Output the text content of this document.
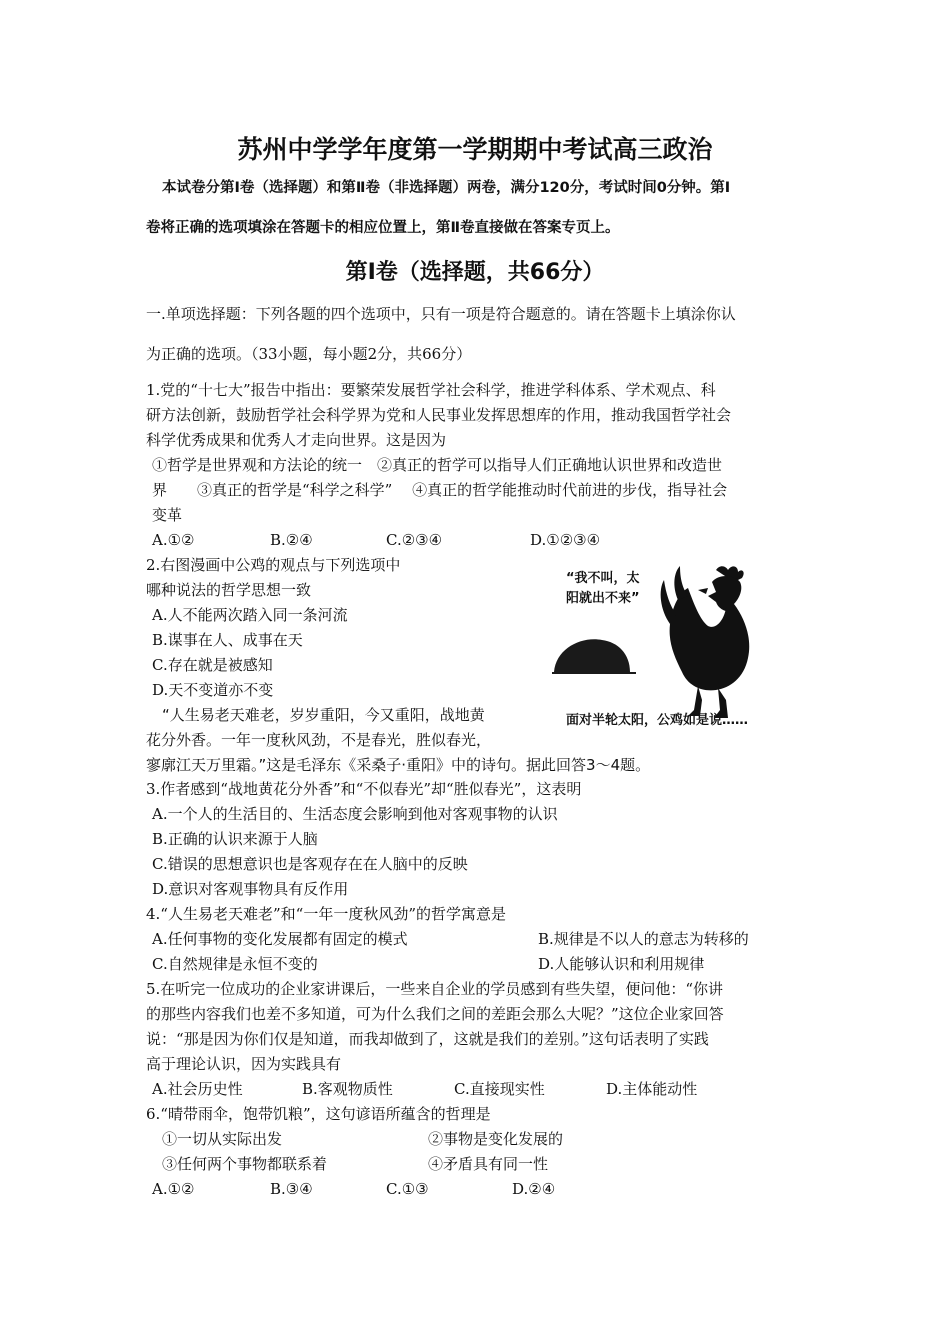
苏州中学学年度第一学期期中考试高三政治
本试卷分第Ⅰ卷（选择题）和第Ⅱ卷（非选择题）两卷，满分120分，考试时间0分钟。第Ⅰ
卷将正确的选项填涂在答题卡的相应位置上，第Ⅱ卷直接做在答案专页上。
第Ⅰ卷（选择题，共66分）
一.单项选择题：下列各题的四个选项中，只有一项是符合题意的。请在答题卡上填涂你认
为正确的选项。（33小题，每小题2分，共66分）
1.党的“十七大”报告中指出：要繁荣发展哲学社会科学，推进学科体系、学术观点、科
研方法创新，鼓励哲学社会科学界为党和人民事业发挥思想库的作用，推动我国哲学社会
科学优秀成果和优秀人才走向世界。这是因为
①哲学是世界观和方法论的统一　②真正的哲学可以指导人们正确地认识世界和改造世
界　　③真正的哲学是“科学之科学”　 ④真正的哲学能推动时代前进的步伐，指导社会
变革
A.①②	B.②④	C.②③④	D.①②③④
2.右图漫画中公鸡的观点与下列选项中
哪种说法的哲学思想一致
A.人不能两次踏入同一条河流
B.谋事在人、成事在天
C.存在就是被感知
D.天不变道亦不变
“我不叫，太
阳就出不来”
面对半轮太阳，公鸡如是说……
“人生易老天难老，岁岁重阳，今又重阳，战地黄
花分外香。一年一度秋风劲，不是春光，胜似春光，
寥廓江天万里霜。”这是毛泽东《采桑子·重阳》中的诗句。据此回答3～4题。
3.作者感到“战地黄花分外香”和“不似春光”却“胜似春光”，这表明
A.一个人的生活目的、生活态度会影响到他对客观事物的认识
B.正确的认识来源于人脑
C.错误的思想意识也是客观存在在人脑中的反映
D.意识对客观事物具有反作用
4.“人生易老天难老”和“一年一度秋风劲”的哲学寓意是
A.任何事物的变化发展都有固定的模式	B.规律是不以人的意志为转移的
C.自然规律是永恒不变的	D.人能够认识和利用规律
5.在听完一位成功的企业家讲课后，一些来自企业的学员感到有些失望，便问他：“你讲
的那些内容我们也差不多知道，可为什么我们之间的差距会那么大呢？”这位企业家回答
说：“那是因为你们仅是知道，而我却做到了，这就是我们的差别。”这句话表明了实践
高于理论认识，因为实践具有
A.社会历史性	B.客观物质性	C.直接现实性	D.主体能动性
6.“晴带雨伞，饱带饥粮”，这句谚语所蕴含的哲理是
①一切从实际出发	②事物是变化发展的
③任何两个事物都联系着	④矛盾具有同一性
A.①②	B.③④	C.①③	D.②④
